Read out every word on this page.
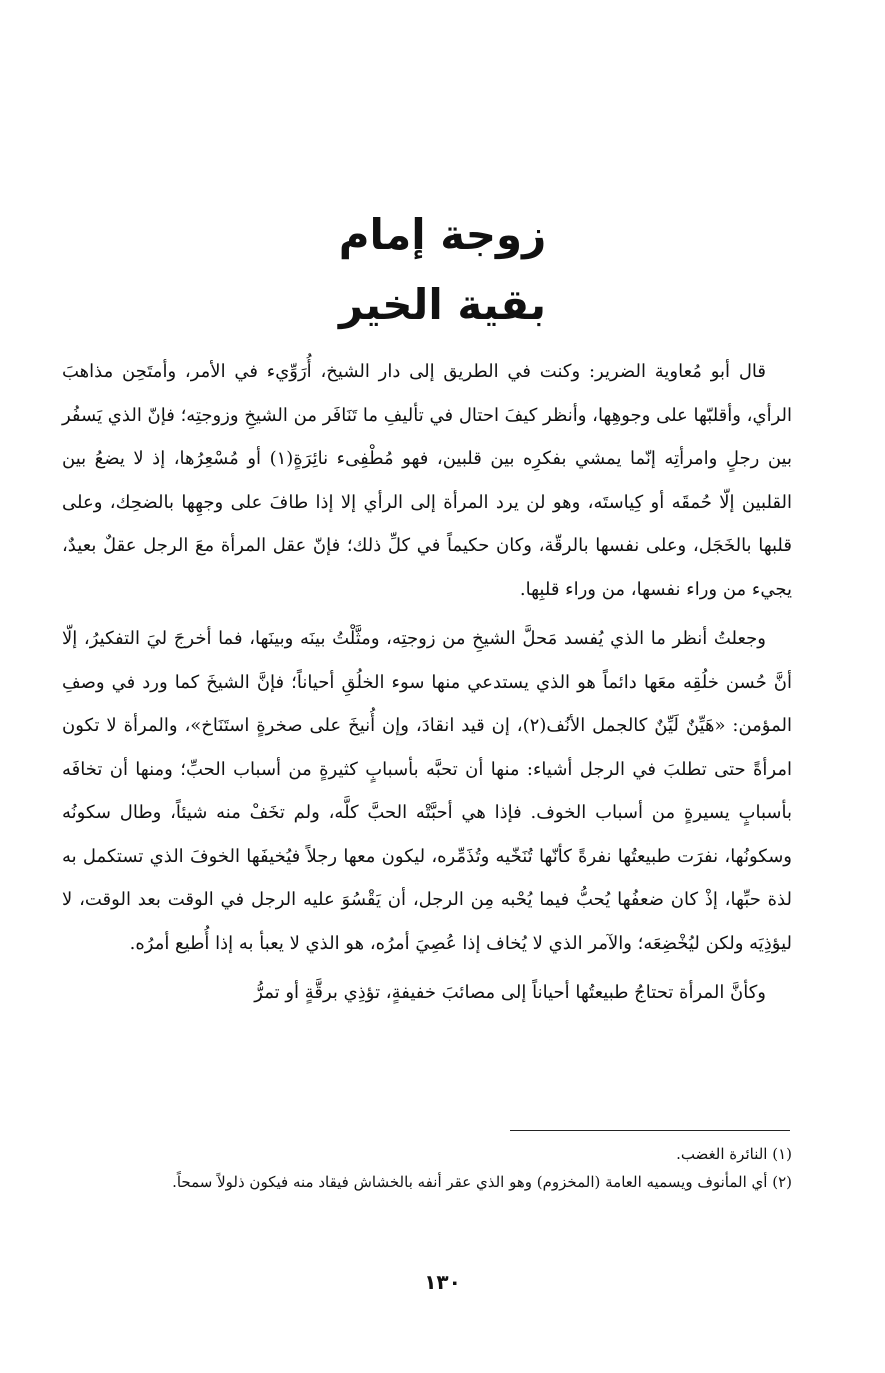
زوجة إمام
بقية الخير

قال أبو مُعاوية الضرير: وكنت في الطريق إلى دار الشيخ، أُرَوِّيء في الأمر، وأمتَحِن مذاهبَ الرأي، وأقلبّها على وجوهِها، وأنظر كيفَ احتال في تأليفِ ما تَنَافَر من الشيخِ وزوجتِه؛ فإنّ الذي يَسفُر بين رجلٍ وامرأتِه إنّما يمشي بفكرِه بين قلبين، فهو مُطْفِىء نائِرَةٍ(١) أو مُسْعِرُها، إذ لا يضعُ بين القلبين إلّا حُمقَه أو كِياستَه، وهو لن يرد المرأة إلى الرأي إلا إذا طافَ على وجهِها بالضحِك، وعلى قلبها بالخَجَل، وعلى نفسها بالرقّة، وكان حكيماً في كلِّ ذلك؛ فإنّ عقل المرأة معَ الرجل عقلٌ بعيدٌ، يجيء من وراء نفسها، من وراء قلبِها.

وجعلتُ أنظر ما الذي يُفسد مَحلَّ الشيخِ من زوجتِه، ومثَّلْتُ بينَه وبينَها، فما أخرجَ ليَ التفكيرُ، إلّا أنَّ حُسن خلُقِه معَها دائماً هو الذي يستدعي منها سوء الخلُقِ أحياناً؛ فإنَّ الشيخَ كما ورد في وصفِ المؤمن: «هَيِّنٌ لَيِّنٌ كالجمل الأنُف(٢)، إن قيد انقادَ، وإن أُنيخَ على صخرةٍ استَنَاخ»، والمرأة لا تكون امرأةً حتى تطلبَ في الرجل أشياء: منها أن تحبَّه بأسبابٍ كثيرةٍ من أسباب الحبِّ؛ ومنها أن تخافَه بأسبابٍ يسيرةٍ من أسباب الخوف. فإذا هي أحبَّتْه الحبَّ كلَّه، ولم تخَفْ منه شيئاً، وطال سكونُه وسكونُها، نفرَت طبيعتُها نفرةً كأنّها تُنَخّيه وتُذَمِّره، ليكون معها رجلاً فيُخيفَها الخوفَ الذي تستكمل به لذة حبِّها، إذْ كان ضعفُها يُحبُّ فيما يُحْبه مِن الرجل، أن يَقْسُوَ عليه الرجل في الوقت بعد الوقت، لا ليؤذِيَه ولكن ليُخْضِعَه؛ والآمر الذي لا يُخاف إذا عُصِيَ أمرُه، هو الذي لا يعبأ به إذا أُطيع أمرُه.

وكأنَّ المرأة تحتاجُ طبيعتُها أحياناً إلى مصائبَ خفيفةٍ، تؤذِي برقَّةٍ أو تمرُّ

(١) النائرة الغضب.

(٢) أي المأنوف ويسميه العامة (المخزوم) وهو الذي عقر أنفه بالخشاش فيقاد منه فيكون ذلولاً سمحاً.

١٣٠
